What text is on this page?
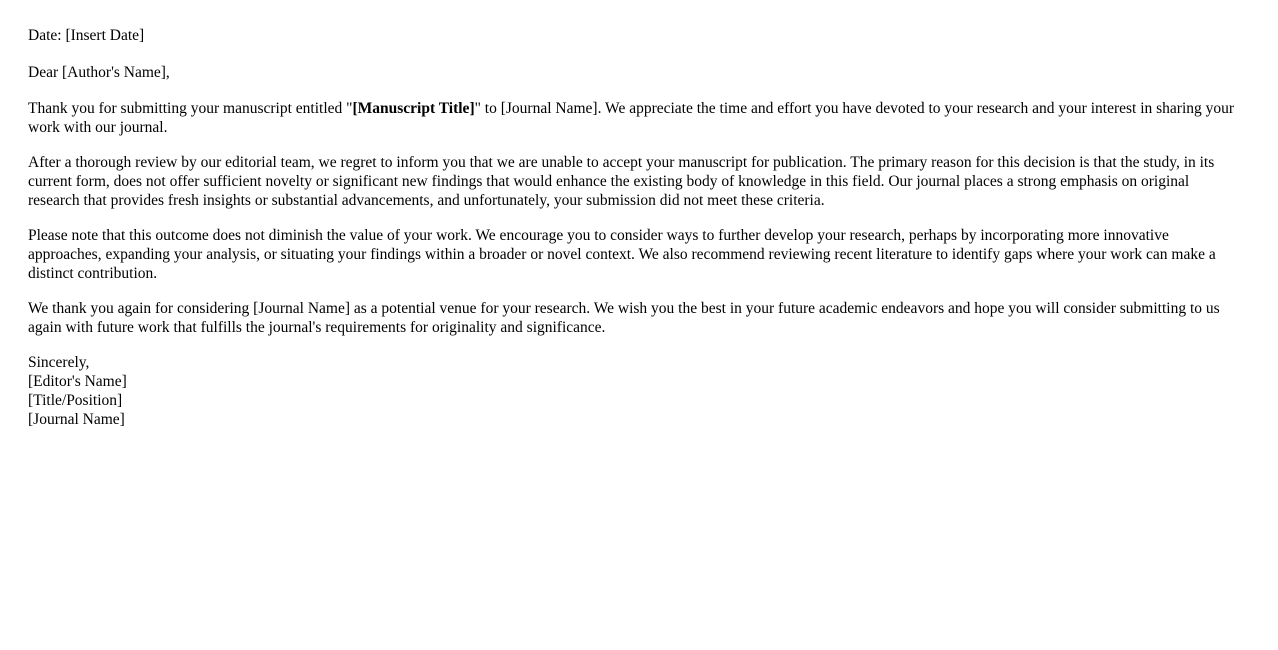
Date: [Insert Date]

Dear [Author's Name],

Thank you for submitting your manuscript entitled "[Manuscript Title]" to [Journal Name]. We appreciate the time and effort you have devoted to your research and your interest in sharing your work with our journal.

After a thorough review by our editorial team, we regret to inform you that we are unable to accept your manuscript for publication. The primary reason for this decision is that the study, in its current form, does not offer sufficient novelty or significant new findings that would enhance the existing body of knowledge in this field. Our journal places a strong emphasis on original research that provides fresh insights or substantial advancements, and unfortunately, your submission did not meet these criteria.

Please note that this outcome does not diminish the value of your work. We encourage you to consider ways to further develop your research, perhaps by incorporating more innovative approaches, expanding your analysis, or situating your findings within a broader or novel context. We also recommend reviewing recent literature to identify gaps where your work can make a distinct contribution.

We thank you again for considering [Journal Name] as a potential venue for your research. We wish you the best in your future academic endeavors and hope you will consider submitting to us again with future work that fulfills the journal's requirements for originality and significance.

Sincerely,

[Editor's Name]

[Title/Position]

[Journal Name]
